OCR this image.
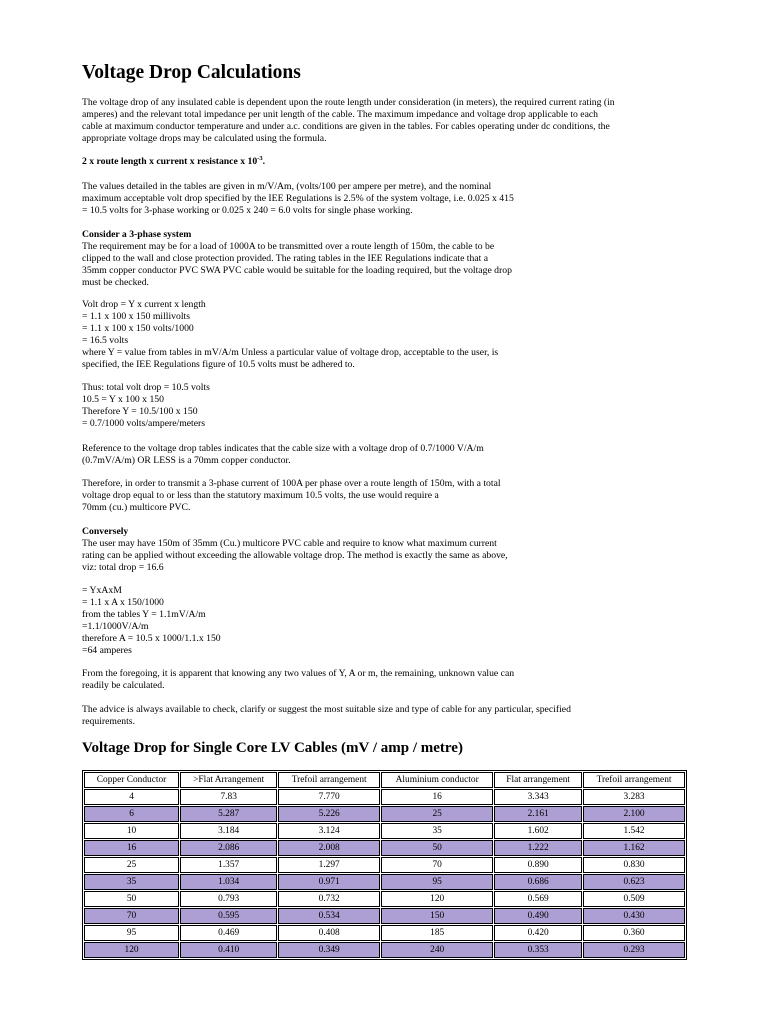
Voltage Drop Calculations

The voltage drop of any insulated cable is dependent upon the route length under consideration (in meters), the required current rating (in
amperes) and the relevant total impedance per unit length of the cable. The maximum impedance and voltage drop applicable to each
cable at maximum conductor temperature and under a.c. conditions are given in the tables. For cables operating under dc conditions, the
appropriate voltage drops may be calculated using the formula.

2 x route length x current x resistance x $10^{-3}$.

The values detailed in the tables are given in m/V/Am, (volts/100 per ampere per metre), and the nominal
maximum acceptable volt drop specified by the IEE Regulations is 2.5% of the system voltage, i.e. 0.025 x 415
= 10.5 volts for 3-phase working or 0.025 x 240 = 6.0 volts for single phase working.

Consider a 3-phase system
The requirement may be for a load of 1000A to be transmitted over a route length of 150m, the cable to be
clipped to the wall and close protection provided. The rating tables in the IEE Regulations indicate that a
35mm copper conductor PVC SWA PVC cable would be suitable for the loading required, but the voltage drop
must be checked.

Volt drop = Y x current x length
= 1.1 x 100 x 150 millivolts
= 1.1 x 100 x 150 volts/1000
= 16.5 volts
where Y = value from tables in mV/A/m Unless a particular value of voltage drop, acceptable to the user, is
specified, the IEE Regulations figure of 10.5 volts must be adhered to.

Thus: total volt drop = 10.5 volts
10.5 = Y x 100 x 150
Therefore Y = 10.5/100 x 150
= 0.7/1000 volts/ampere/meters

Reference to the voltage drop tables indicates that the cable size with a voltage drop of 0.7/1000 V/A/m
(0.7mV/A/m) OR LESS is a 70mm copper conductor.

Therefore, in order to transmit a 3-phase current of 100A per phase over a route length of 150m, with a total
voltage drop equal to or less than the statutory maximum 10.5 volts, the use would require a
70mm (cu.) multicore PVC.

Conversely
The user may have 150m of 35mm (Cu.) multicore PVC cable and require to know what maximum current
rating can be applied without exceeding the allowable voltage drop. The method is exactly the same as above,
viz: total drop = 16.6

= YxAxM
= 1.1 x A x 150/1000
from the tables Y = 1.1mV/A/m
=1.1/1000V/A/m
therefore A = 10.5 x 1000/1.1.x 150
=64 amperes

From the foregoing, it is apparent that knowing any two values of Y, A or m, the remaining, unknown value can
readily be calculated.

The advice is always available to check, clarify or suggest the most suitable size and type of cable for any particular, specified
requirements.

Voltage Drop for Single Core LV Cables (mV / amp / metre)
Copper Conductor	>Flat Arrangement	Trefoil arrangement	Aluminium conductor	Flat arrangement	Trefoil arrangement
4	7.83	7.770	16	3.343	3.283
6	5.287	5.226	25	2.161	2.100
10	3.184	3.124	35	1.602	1.542
16	2.086	2.008	50	1.222	1.162
25	1.357	1.297	70	0.890	0.830
35	1.034	0.971	95	0.686	0.623
50	0.793	0.732	120	0.569	0.509
70	0.595	0.534	150	0.490	0.430
95	0.469	0.408	185	0.420	0.360
120	0.410	0.349	240	0.353	0.293
